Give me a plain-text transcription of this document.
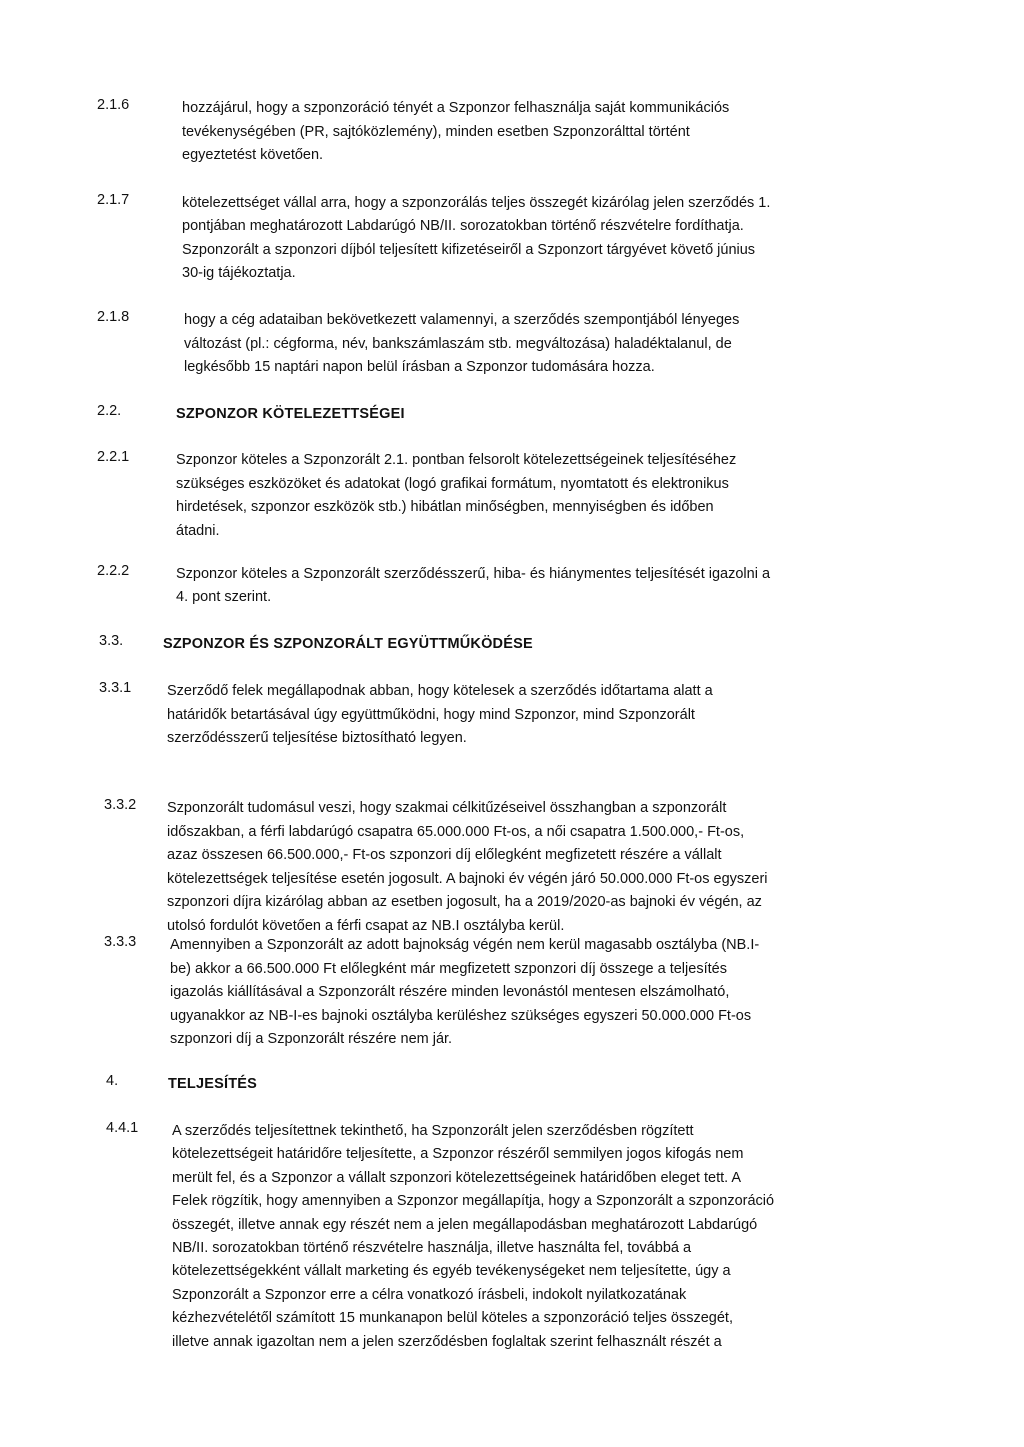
2.1.6	hozzájárul, hogy a szponzoráció tényét a Szponzor felhasználja saját kommunikációs
tevékenységében (PR, sajtóközlemény), minden esetben Szponzorálttal történt
egyeztetést követően.
2.1.7	kötelezettséget vállal arra, hogy a szponzorálás teljes összegét kizárólag jelen szerződés 1.
pontjában meghatározott Labdarúgó NB/II. sorozatokban történő részvételre fordíthatja.
Szponzorált a szponzori díjból teljesített kifizetéseiről a Szponzort tárgyévet követő június
30-ig tájékoztatja.
2.1.8	hogy a cég adataiban bekövetkezett valamennyi, a szerződés szempontjából lényeges
változást (pl.: cégforma, név, bankszámlaszám stb. megváltozása) haladéktalanul, de
legkésőbb 15 naptári napon belül írásban a Szponzor tudomására hozza.
2.2.	SZPONZOR KÖTELEZETTSÉGEI
2.2.1	Szponzor köteles a Szponzorált 2.1. pontban felsorolt kötelezettségeinek teljesítéséhez
szükséges eszközöket és adatokat (logó grafikai formátum, nyomtatott és elektronikus
hirdetések, szponzor eszközök stb.) hibátlan minőségben, mennyiségben és időben
átadni.
2.2.2	Szponzor köteles a Szponzorált szerződésszerű, hiba- és hiánymentes teljesítését igazolni a
4. pont szerint.
3.3.	SZPONZOR ÉS SZPONZORÁLT EGYÜTTMŰKÖDÉSE
3.3.1 Szerződő felek megállapodnak abban, hogy kötelesek a szerződés időtartama alatt a
határidők betartásával úgy együttműködni, hogy mind Szponzor, mind Szponzorált
szerződésszerű teljesítése biztosítható legyen.
3.3.2 Szponzorált tudomásul veszi, hogy szakmai célkitűzéseivel összhangban a szponzorált
időszakban, a férfi labdarúgó csapatra 65.000.000 Ft-os, a női csapatra 1.500.000,- Ft-os,
azaz összesen 66.500.000,- Ft-os szponzori díj előlegként megfizetett részére a vállalt
kötelezettségek teljesítése esetén jogosult. A bajnoki év végén járó 50.000.000 Ft-os egyszeri
szponzori díjra kizárólag abban az esetben jogosult, ha a 2019/2020-as bajnoki év végén, az
utolsó fordulót követően a férfi csapat az NB.I osztályba kerül.
3.3.3 Amennyiben a Szponzorált az adott bajnokság végén nem kerül magasabb osztályba (NB.I-
be) akkor a 66.500.000 Ft előlegként már megfizetett szponzori díj összege a teljesítés
igazolás kiállításával a Szponzorált részére minden levonástól mentesen elszámolható,
ugyanakkor az NB-I-es bajnoki osztályba kerüléshez szükséges egyszeri 50.000.000 Ft-os
szponzori díj a Szponzorált részére nem jár.
4.	TELJESÍTÉS
4.4.1 A szerződés teljesítettnek tekinthető, ha Szponzorált jelen szerződésben rögzített
kötelezettségeit határidőre teljesítette, a Szponzor részéről semmilyen jogos kifogás nem
merült fel, és a Szponzor a vállalt szponzori kötelezettségeinek határidőben eleget tett. A
Felek rögzítik, hogy amennyiben a Szponzor megállapítja, hogy a Szponzorált a szponzoráció
összegét, illetve annak egy részét nem a jelen megállapodásban meghatározott Labdarúgó
NB/II. sorozatokban történő részvételre használja, illetve használta fel, továbbá a
kötelezettségekként vállalt marketing és egyéb tevékenységeket nem teljesítette, úgy a
Szponzorált a Szponzor erre a célra vonatkozó írásbeli, indokolt nyilatkozatának
kézhezvételétől számított 15 munkanapon belül köteles a szponzoráció teljes összegét,
illetve annak igazoltan nem a jelen szerződésben foglaltak szerint felhasznált részét a
